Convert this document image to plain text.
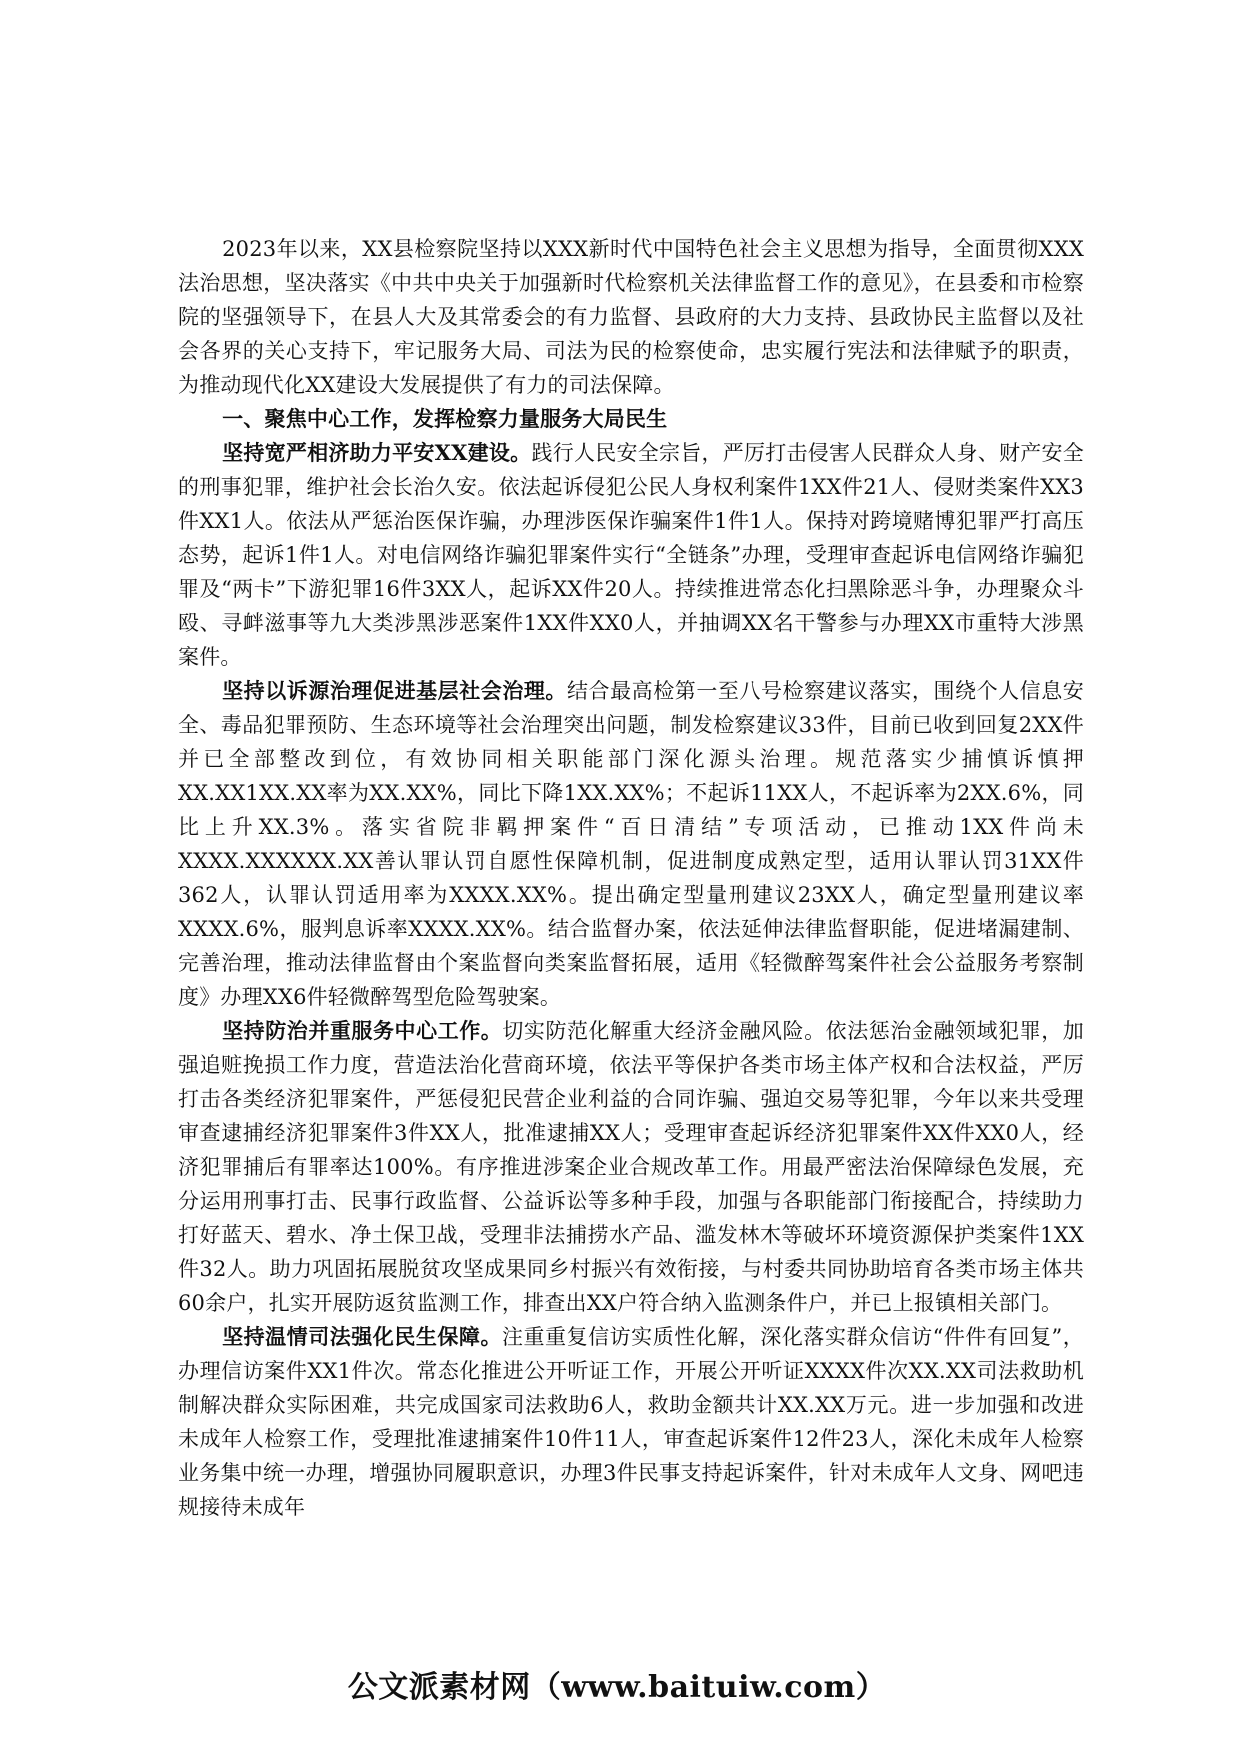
2023年以来，XX县检察院坚持以XXX新时代中国特色社会主义思想为指导，全面贯彻XXX法治思想，坚决落实《中共中央关于加强新时代检察机关法律监督工作的意见》，在县委和市检察院的坚强领导下，在县人大及其常委会的有力监督、县政府的大力支持、县政协民主监督以及社会各界的关心支持下，牢记服务大局、司法为民的检察使命，忠实履行宪法和法律赋予的职责，为推动现代化XX建设大发展提供了有力的司法保障。

一、聚焦中心工作，发挥检察力量服务大局民生

坚持宽严相济助力平安XX建设。践行人民安全宗旨，严厉打击侵害人民群众人身、财产安全的刑事犯罪，维护社会长治久安。依法起诉侵犯公民人身权利案件1XX件21人、侵财类案件XX3件XX1人。依法从严惩治医保诈骗，办理涉医保诈骗案件1件1人。保持对跨境赌博犯罪严打高压态势，起诉1件1人。对电信网络诈骗犯罪案件实行“全链条”办理，受理审查起诉电信网络诈骗犯罪及“两卡”下游犯罪16件3XX人，起诉XX件20人。持续推进常态化扫黑除恶斗争，办理聚众斗殴、寻衅滋事等九大类涉黑涉恶案件1XX件XX0人，并抽调XX名干警参与办理XX市重特大涉黑案件。

坚持以诉源治理促进基层社会治理。结合最高检第一至八号检察建议落实，围绕个人信息安全、毒品犯罪预防、生态环境等社会治理突出问题，制发检察建议33件，目前已收到回复2XX件并已全部整改到位，有效协同相关职能部门深化源头治理。规范落实少捕慎诉慎押XX.XX1XX.XX率为XX.XX%，同比下降1XX.XX%；不起诉11XX人，不起诉率为2XX.6%，同比上升XX.3%。落实省院非羁押案件“百日清结”专项活动，已推动1XX件尚未XXXX.XXXXXX.XX善认罪认罚自愿性保障机制，促进制度成熟定型，适用认罪认罚31XX件362人，认罪认罚适用率为XXXX.XX%。提出确定型量刑建议23XX人，确定型量刑建议率XXXX.6%，服判息诉率XXXX.XX%。结合监督办案，依法延伸法律监督职能，促进堵漏建制、完善治理，推动法律监督由个案监督向类案监督拓展，适用《轻微醉驾案件社会公益服务考察制度》办理XX6件轻微醉驾型危险驾驶案。

坚持防治并重服务中心工作。切实防范化解重大经济金融风险。依法惩治金融领域犯罪，加强追赃挽损工作力度，营造法治化营商环境，依法平等保护各类市场主体产权和合法权益，严厉打击各类经济犯罪案件，严惩侵犯民营企业利益的合同诈骗、强迫交易等犯罪，今年以来共受理审查逮捕经济犯罪案件3件XX人，批准逮捕XX人；受理审查起诉经济犯罪案件XX件XX0人，经济犯罪捕后有罪率达100%。有序推进涉案企业合规改革工作。用最严密法治保障绿色发展，充分运用刑事打击、民事行政监督、公益诉讼等多种手段，加强与各职能部门衔接配合，持续助力打好蓝天、碧水、净土保卫战，受理非法捕捞水产品、滥发林木等破坏环境资源保护类案件1XX件32人。助力巩固拓展脱贫攻坚成果同乡村振兴有效衔接，与村委共同协助培育各类市场主体共60余户，扎实开展防返贫监测工作，排查出XX户符合纳入监测条件户，并已上报镇相关部门。

坚持温情司法强化民生保障。注重重复信访实质性化解，深化落实群众信访“件件有回复”，办理信访案件XX1件次。常态化推进公开听证工作，开展公开听证XXXX件次XX.XX司法救助机制解决群众实际困难，共完成国家司法救助6人，救助金额共计XX.XX万元。进一步加强和改进未成年人检察工作，受理批准逮捕案件10件11人，审查起诉案件12件23人，深化未成年人检察业务集中统一办理，增强协同履职意识，办理3件民事支持起诉案件，针对未成年人文身、网吧违规接待未成年

公文派素材网（www.baituiw.com）
